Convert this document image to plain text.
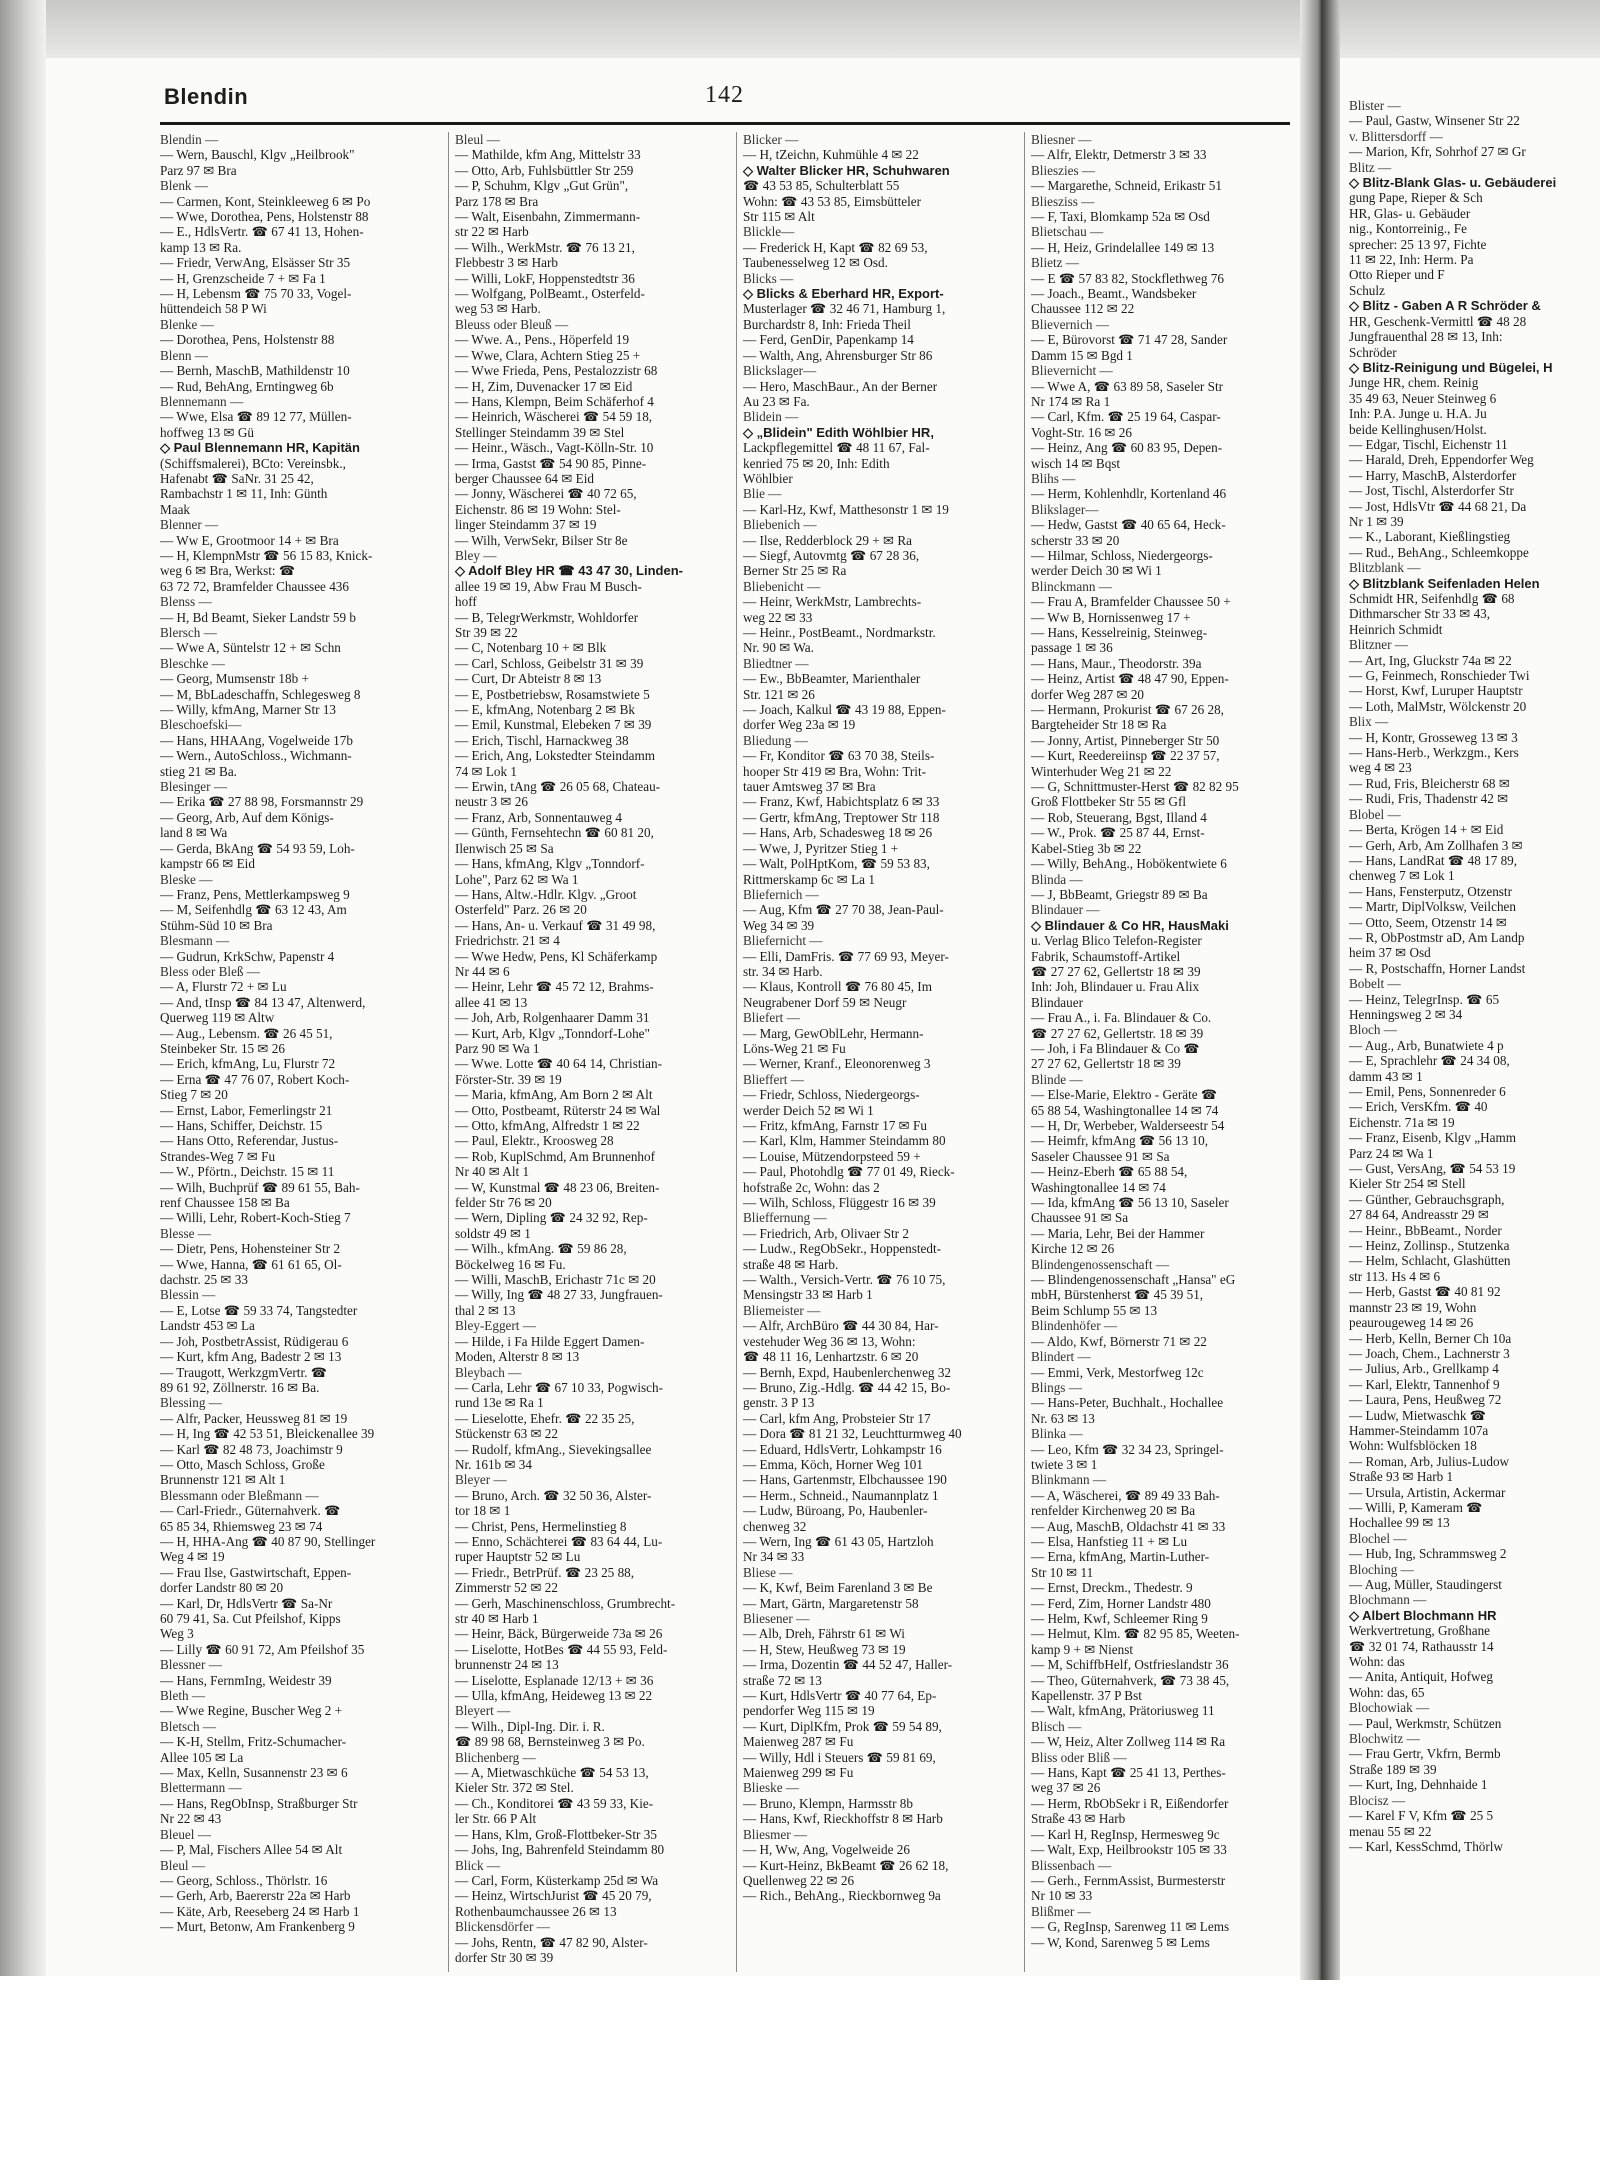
Blendin	142

Blendin —

— Wern, Bauschl, Klgv „Heilbrook"

Parz 97 ✉ Bra

Blenk —

— Carmen, Kont, Steinkleeweg 6 ✉ Po

— Wwe, Dorothea, Pens, Holstenstr 88

— E., HdlsVertr. ☎ 67 41 13, Hohen-

kamp 13 ✉ Ra.

— Friedr, VerwAng, Elsässer Str 35

— H, Grenzscheide 7 + ✉ Fa 1

— H, Lebensm ☎ 75 70 33, Vogel-

hüttendeich 58 P Wi

Blenke —

— Dorothea, Pens, Holstenstr 88

Blenn —

— Bernh, MaschB, Mathildenstr 10

— Rud, BehAng, Erntingweg 6b

Blennemann —

— Wwe, Elsa ☎ 89 12 77, Müllen-

hoffweg 13 ✉ Gü

◇ Paul Blennemann HR, Kapitän

(Schiffsmalerei), BCto: Vereinsbk.,

Hafenabt ☎ SaNr. 31 25 42,

Rambachstr 1 ✉ 11, Inh: Günth

Maak

Blenner —

— Ww E, Grootmoor 14 + ✉ Bra

— H, KlempnMstr ☎ 56 15 83, Knick-

weg 6 ✉ Bra, Werkst: ☎

63 72 72, Bramfelder Chaussee 436

Blenss —

— H, Bd Beamt, Sieker Landstr 59 b

Blersch —

— Wwe A, Süntelstr 12 + ✉ Schn

Bleschke —

— Georg, Mumsenstr 18b +

— M, BbLadeschaffn, Schlegesweg 8

— Willy, kfmAng, Marner Str 13

Bleschoefski—

— Hans, HHAAng, Vogelweide 17b

— Wern., AutoSchloss., Wichmann-

stieg 21 ✉ Ba.

Blesinger —

— Erika ☎ 27 88 98, Forsmannstr 29

— Georg, Arb, Auf dem Königs-

land 8 ✉ Wa

— Gerda, BkAng ☎ 54 93 59, Loh-

kampstr 66 ✉ Eid

Bleske —

— Franz, Pens, Mettlerkampsweg 9

— M, Seifenhdlg ☎ 63 12 43, Am

Stühm-Süd 10 ✉ Bra

Blesmann —

— Gudrun, KrkSchw, Papenstr 4

Bless oder Bleß —

— A, Flurstr 72 + ✉ Lu

— And, tInsp ☎ 84 13 47, Altenwerd,

Querweg 119 ✉ Altw

— Aug., Lebensm. ☎ 26 45 51,

Steinbeker Str. 15 ✉ 26

— Erich, kfmAng, Lu, Flurstr 72

— Erna ☎ 47 76 07, Robert Koch-

Stieg 7 ✉ 20

— Ernst, Labor, Femerlingstr 21

— Hans, Schiffer, Deichstr. 15

— Hans Otto, Referendar, Justus-

Strandes-Weg 7 ✉ Fu

— W., Pförtn., Deichstr. 15 ✉ 11

— Wilh, Buchprüf ☎ 89 61 55, Bah-

renf Chaussee 158 ✉ Ba

— Willi, Lehr, Robert-Koch-Stieg 7

Blesse —

— Dietr, Pens, Hohensteiner Str 2

— Wwe, Hanna, ☎ 61 61 65, Ol-

dachstr. 25 ✉ 33

Blessin —

— E, Lotse ☎ 59 33 74, Tangstedter

Landstr 453 ✉ La

— Joh, PostbetrAssist, Rüdigerau 6

— Kurt, kfm Ang, Badestr 2 ✉ 13

— Traugott, WerkzgmVertr. ☎

89 61 92, Zöllnerstr. 16 ✉ Ba.

Blessing —

— Alfr, Packer, Heussweg 81 ✉ 19

— H, Ing ☎ 42 53 51, Bleickenallee 39

— Karl ☎ 82 48 73, Joachimstr 9

— Otto, Masch Schloss, Große

Brunnenstr 121 ✉ Alt 1

Blessmann oder Bleßmann —

— Carl-Friedr., Güternahverk. ☎

65 85 34, Rhiemsweg 23 ✉ 74

— H, HHA-Ang ☎ 40 87 90, Stellinger

Weg 4 ✉ 19

— Frau Ilse, Gastwirtschaft, Eppen-

dorfer Landstr 80 ✉ 20

— Karl, Dr, HdlsVertr ☎ Sa-Nr

60 79 41, Sa. Cut Pfeilshof, Kipps

Weg 3

— Lilly ☎ 60 91 72, Am Pfeilshof 35

Blessner —

— Hans, FernmIng, Weidestr 39

Bleth —

— Wwe Regine, Buscher Weg 2 +

Bletsch —

— K-H, Stellm, Fritz-Schumacher-

Allee 105 ✉ La

— Max, Kelln, Susannenstr 23 ✉ 6

Blettermann —

— Hans, RegObInsp, Straßburger Str

Nr 22 ✉ 43

Bleuel —

— P, Mal, Fischers Allee 54 ✉ Alt

Bleul —

— Georg, Schloss., Thörlstr. 16

— Gerh, Arb, Baererstr 22a ✉ Harb

— Käte, Arb, Reeseberg 24 ✉ Harb 1

— Murt, Betonw, Am Frankenberg 9

Bleul —

— Mathilde, kfm Ang, Mittelstr 33

— Otto, Arb, Fuhlsbüttler Str 259

— P, Schuhm, Klgv „Gut Grün",

Parz 178 ✉ Bra

— Walt, Eisenbahn, Zimmermann-

str 22 ✉ Harb

— Wilh., WerkMstr. ☎ 76 13 21,

Flebbestr 3 ✉ Harb

— Willi, LokF, Hoppenstedtstr 36

— Wolfgang, PolBeamt., Osterfeld-

weg 53 ✉ Harb.

Bleuss oder Bleuß —

— Wwe. A., Pens., Höperfeld 19

— Wwe, Clara, Achtern Stieg 25 +

— Wwe Frieda, Pens, Pestalozzistr 68

— H, Zim, Duvenacker 17 ✉ Eid

— Hans, Klempn, Beim Schäferhof 4

— Heinrich, Wäscherei ☎ 54 59 18,

Stellinger Steindamm 39 ✉ Stel

— Heinr., Wäsch., Vagt-Kölln-Str. 10

— Irma, Gastst ☎ 54 90 85, Pinne-

berger Chaussee 64 ✉ Eid

— Jonny, Wäscherei ☎ 40 72 65,

Eichenstr. 86 ✉ 19 Wohn: Stel-

linger Steindamm 37 ✉ 19

— Wilh, VerwSekr, Bilser Str 8e

Bley —

◇ Adolf Bley HR ☎ 43 47 30, Linden-

allee 19 ✉ 19, Abw Frau M Busch-

hoff

— B, TelegrWerkmstr, Wohldorfer

Str 39 ✉ 22

— C, Notenbarg 10 + ✉ Blk

— Carl, Schloss, Geibelstr 31 ✉ 39

— Curt, Dr Abteistr 8 ✉ 13

— E, Postbetriebsw, Rosamstwiete 5

— E, kfmAng, Notenbarg 2 ✉ Bk

— Emil, Kunstmal, Elebeken 7 ✉ 39

— Erich, Tischl, Harnackweg 38

— Erich, Ang, Lokstedter Steindamm

74 ✉ Lok 1

— Erwin, tAng ☎ 26 05 68, Chateau-

neustr 3 ✉ 26

— Franz, Arb, Sonnentauweg 4

— Günth, Fernsehtechn ☎ 60 81 20,

Ilenwisch 25 ✉ Sa

— Hans, kfmAng, Klgv „Tonndorf-

Lohe", Parz 62 ✉ Wa 1

— Hans, Altw.-Hdlr. Klgv. „Groot

Osterfeld" Parz. 26 ✉ 20

— Hans, An- u. Verkauf ☎ 31 49 98,

Friedrichstr. 21 ✉ 4

— Wwe Hedw, Pens, Kl Schäferkamp

Nr 44 ✉ 6

— Heinr, Lehr ☎ 45 72 12, Brahms-

allee 41 ✉ 13

— Joh, Arb, Rolgenhaarer Damm 31

— Kurt, Arb, Klgv „Tonndorf-Lohe"

Parz 90 ✉ Wa 1

— Wwe. Lotte ☎ 40 64 14, Christian-

Förster-Str. 39 ✉ 19

— Maria, kfmAng, Am Born 2 ✉ Alt

— Otto, Postbeamt, Rüterstr 24 ✉ Wal

— Otto, kfmAng, Alfredstr 1 ✉ 22

— Paul, Elektr., Kroosweg 28

— Rob, KuplSchmd, Am Brunnenhof

Nr 40 ✉ Alt 1

— W, Kunstmal ☎ 48 23 06, Breiten-

felder Str 76 ✉ 20

— Wern, Dipling ☎ 24 32 92, Rep-

soldstr 49 ✉ 1

— Wilh., kfmAng. ☎ 59 86 28,

Böckelweg 16 ✉ Fu.

— Willi, MaschB, Erichastr 71c ✉ 20

— Willy, Ing ☎ 48 27 33, Jungfrauen-

thal 2 ✉ 13

Bley-Eggert —

— Hilde, i Fa Hilde Eggert Damen-

Moden, Alterstr 8 ✉ 13

Bleybach —

— Carla, Lehr ☎ 67 10 33, Pogwisch-

rund 13e ✉ Ra 1

— Lieselotte, Ehefr. ☎ 22 35 25,

Stückenstr 63 ✉ 22

— Rudolf, kfmAng., Sievekingsallee

Nr. 161b ✉ 34

Bleyer —

— Bruno, Arch. ☎ 32 50 36, Alster-

tor 18 ✉ 1

— Christ, Pens, Hermelinstieg 8

— Enno, Schächterei ☎ 83 64 44, Lu-

ruper Hauptstr 52 ✉ Lu

— Friedr., BetrPrüf. ☎ 23 25 88,

Zimmerstr 52 ✉ 22

— Gerh, Maschinenschloss, Grumbrecht-

str 40 ✉ Harb 1

— Heinr, Bäck, Bürgerweide 73a ✉ 26

— Liselotte, HotBes ☎ 44 55 93, Feld-

brunnenstr 24 ✉ 13

— Liselotte, Esplanade 12/13 + ✉ 36

— Ulla, kfmAng, Heideweg 13 ✉ 22

Bleyert —

— Wilh., Dipl-Ing. Dir. i. R.

☎ 89 98 68, Bernsteinweg 3 ✉ Po.

Blichenberg —

— A, Mietwaschküche ☎ 54 53 13,

Kieler Str. 372 ✉ Stel.

— Ch., Konditorei ☎ 43 59 33, Kie-

ler Str. 66 P Alt

— Hans, Klm, Groß-Flottbeker-Str 35

— Johs, Ing, Bahrenfeld Steindamm 80

Blick —

— Carl, Form, Küsterkamp 25d ✉ Wa

— Heinz, WirtschJurist ☎ 45 20 79,

Rothenbaumchaussee 26 ✉ 13

Blickensdörfer —

— Johs, Rentn, ☎ 47 82 90, Alster-

dorfer Str 30 ✉ 39

Blicker —

— H, tZeichn, Kuhmühle 4 ✉ 22

◇ Walter Blicker HR, Schuhwaren

☎ 43 53 85, Schulterblatt 55

Wohn: ☎ 43 53 85, Eimsbütteler

Str 115 ✉ Alt

Blickle—

— Frederick H, Kapt ☎ 82 69 53,

Taubenesselweg 12 ✉ Osd.

Blicks —

◇ Blicks & Eberhard HR, Export-

Musterlager ☎ 32 46 71, Hamburg 1,

Burchardstr 8, Inh: Frieda Theil

— Ferd, GenDir, Papenkamp 14

— Walth, Ang, Ahrensburger Str 86

Blickslager—

— Hero, MaschBaur., An der Berner

Au 23 ✉ Fa.

Blidein —

◇ „Blidein" Edith Wöhlbier HR,

Lackpflegemittel ☎ 48 11 67, Fal-

kenried 75 ✉ 20, Inh: Edith

Wöhlbier

Blie —

— Karl-Hz, Kwf, Matthesonstr 1 ✉ 19

Bliebenich —

— Ilse, Redderblock 29 + ✉ Ra

— Siegf, Autovmtg ☎ 67 28 36,

Berner Str 25 ✉ Ra

Bliebenicht —

— Heinr, WerkMstr, Lambrechts-

weg 22 ✉ 33

— Heinr., PostBeamt., Nordmarkstr.

Nr. 90 ✉ Wa.

Bliedtner —

— Ew., BbBeamter, Marienthaler

Str. 121 ✉ 26

— Joach, Kalkul ☎ 43 19 88, Eppen-

dorfer Weg 23a ✉ 19

Bliedung —

— Fr, Konditor ☎ 63 70 38, Steils-

hooper Str 419 ✉ Bra, Wohn: Trit-

tauer Amtsweg 37 ✉ Bra

— Franz, Kwf, Habichtsplatz 6 ✉ 33

— Gertr, kfmAng, Treptower Str 118

— Hans, Arb, Schadesweg 18 ✉ 26

— Wwe, J, Pyritzer Stieg 1 +

— Walt, PolHptKom, ☎ 59 53 83,

Rittmerskamp 6c ✉ La 1

Bliefernich —

— Aug, Kfm ☎ 27 70 38, Jean-Paul-

Weg 34 ✉ 39

Bliefernicht —

— Elli, DamFris. ☎ 77 69 93, Meyer-

str. 34 ✉ Harb.

— Klaus, Kontroll ☎ 76 80 45, Im

Neugrabener Dorf 59 ✉ Neugr

Bliefert —

— Marg, GewOblLehr, Hermann-

Löns-Weg 21 ✉ Fu

— Werner, Kranf., Eleonorenweg 3

Blieffert —

— Friedr, Schloss, Niedergeorgs-

werder Deich 52 ✉ Wi 1

— Fritz, kfmAng, Farnstr 17 ✉ Fu

— Karl, Klm, Hammer Steindamm 80

— Louise, Mützendorpsteed 59 +

— Paul, Photohdlg ☎ 77 01 49, Rieck-

hofstraße 2c, Wohn: das 2

— Wilh, Schloss, Flüggestr 16 ✉ 39

Blieffernung —

— Friedrich, Arb, Olivaer Str 2

— Ludw., RegObSekr., Hoppenstedt-

straße 48 ✉ Harb.

— Walth., Versich-Vertr. ☎ 76 10 75,

Mensingstr 33 ✉ Harb 1

Bliemeister —

— Alfr, ArchBüro ☎ 44 30 84, Har-

vestehuder Weg 36 ✉ 13, Wohn:

☎ 48 11 16, Lenhartzstr. 6 ✉ 20

— Bernh, Expd, Haubenlerchenweg 32

— Bruno, Zig.-Hdlg. ☎ 44 42 15, Bo-

genstr. 3 P 13

— Carl, kfm Ang, Probsteier Str 17

— Dora ☎ 81 21 32, Leuchtturmweg 40

— Eduard, HdlsVertr, Lohkampstr 16

— Emma, Köch, Horner Weg 101

— Hans, Gartenmstr, Elbchaussee 190

— Herm., Schneid., Naumannplatz 1

— Ludw, Büroang, Po, Haubenler-

chenweg 32

— Wern, Ing ☎ 61 43 05, Hartzloh

Nr 34 ✉ 33

Bliese —

— K, Kwf, Beim Farenland 3 ✉ Be

— Mart, Gärtn, Margaretenstr 58

Bliesener —

— Alb, Dreh, Fährstr 61 ✉ Wi

— H, Stew, Heußweg 73 ✉ 19

— Irma, Dozentin ☎ 44 52 47, Haller-

straße 72 ✉ 13

— Kurt, HdlsVertr ☎ 40 77 64, Ep-

pendorfer Weg 115 ✉ 19

— Kurt, DiplKfm, Prok ☎ 59 54 89,

Maienweg 287 ✉ Fu

— Willy, Hdl i Steuers ☎ 59 81 69,

Maienweg 299 ✉ Fu

Blieske —

— Bruno, Klempn, Harmsstr 8b

— Hans, Kwf, Rieckhoffstr 8 ✉ Harb

Bliesmer —

— H, Ww, Ang, Vogelweide 26

— Kurt-Heinz, BkBeamt ☎ 26 62 18,

Quellenweg 22 ✉ 26

— Rich., BehAng., Rieckbornweg 9a

Bliesner —

— Alfr, Elektr, Detmerstr 3 ✉ 33

Blieszies —

— Margarethe, Schneid, Erikastr 51

Bliesziss —

— F, Taxi, Blomkamp 52a ✉ Osd

Blietschau —

— H, Heiz, Grindelallee 149 ✉ 13

Blietz —

— E ☎ 57 83 82, Stockflethweg 76

— Joach., Beamt., Wandsbeker

Chaussee 112 ✉ 22

Blievernich —

— E, Bürovorst ☎ 71 47 28, Sander

Damm 15 ✉ Bgd 1

Blievernicht —

— Wwe A, ☎ 63 89 58, Saseler Str

Nr 174 ✉ Ra 1

— Carl, Kfm. ☎ 25 19 64, Caspar-

Voght-Str. 16 ✉ 26

— Heinz, Ang ☎ 60 83 95, Depen-

wisch 14 ✉ Bqst

Blihs —

— Herm, Kohlenhdlr, Kortenland 46

Blikslager—

— Hedw, Gastst ☎ 40 65 64, Heck-

scherstr 33 ✉ 20

— Hilmar, Schloss, Niedergeorgs-

werder Deich 30 ✉ Wi 1

Blinckmann —

— Frau A, Bramfelder Chaussee 50 +

— Ww B, Hornissenweg 17 +

— Hans, Kesselreinig, Steinweg-

passage 1 ✉ 36

— Hans, Maur., Theodorstr. 39a

— Heinz, Artist ☎ 48 47 90, Eppen-

dorfer Weg 287 ✉ 20

— Hermann, Prokurist ☎ 67 26 28,

Bargteheider Str 18 ✉ Ra

— Jonny, Artist, Pinneberger Str 50

— Kurt, Reedereiinsp ☎ 22 37 57,

Winterhuder Weg 21 ✉ 22

— G, Schnittmuster-Herst ☎ 82 82 95

Groß Flottbeker Str 55 ✉ Gfl

— Rob, Steuerang, Bgst, Illand 4

— W., Prok. ☎ 25 87 44, Ernst-

Kabel-Stieg 3b ✉ 22

— Willy, BehAng., Hobökentwiete 6

Blinda —

— J, BbBeamt, Griegstr 89 ✉ Ba

Blindauer —

◇ Blindauer & Co HR, HausMaki

u. Verlag Blico Telefon-Register

Fabrik, Schaumstoff-Artikel

☎ 27 27 62, Gellertstr 18 ✉ 39

Inh: Joh, Blindauer u. Frau Alix

Blindauer

— Frau A., i. Fa. Blindauer & Co.

☎ 27 27 62, Gellertstr. 18 ✉ 39

— Joh, i Fa Blindauer & Co ☎

27 27 62, Gellertstr 18 ✉ 39

Blinde —

— Else-Marie, Elektro - Geräte ☎

65 88 54, Washingtonallee 14 ✉ 74

— H, Dr, Werbeber, Walderseestr 54

— Heimfr, kfmAng ☎ 56 13 10,

Saseler Chaussee 91 ✉ Sa

— Heinz-Eberh ☎ 65 88 54,

Washingtonallee 14 ✉ 74

— Ida, kfmAng ☎ 56 13 10, Saseler

Chaussee 91 ✉ Sa

— Maria, Lehr, Bei der Hammer

Kirche 12 ✉ 26

Blindengenossenschaft —

— Blindengenossenschaft „Hansa" eG

mbH, Bürstenherst ☎ 45 39 51,

Beim Schlump 55 ✉ 13

Blindenhöfer —

— Aldo, Kwf, Börnerstr 71 ✉ 22

Blindert —

— Emmi, Verk, Mestorfweg 12c

Blings —

— Hans-Peter, Buchhalt., Hochallee

Nr. 63 ✉ 13

Blinka —

— Leo, Kfm ☎ 32 34 23, Springel-

twiete 3 ✉ 1

Blinkmann —

— A, Wäscherei, ☎ 89 49 33 Bah-

renfelder Kirchenweg 20 ✉ Ba

— Aug, MaschB, Oldachstr 41 ✉ 33

— Elsa, Hanfstieg 11 + ✉ Lu

— Erna, kfmAng, Martin-Luther-

Str 10 ✉ 11

— Ernst, Dreckm., Thedestr. 9

— Ferd, Zim, Horner Landstr 480

— Helm, Kwf, Schleemer Ring 9

— Helmut, Klm. ☎ 82 95 85, Weeten-

kamp 9 + ✉ Nienst

— M, SchiffbHelf, Ostfrieslandstr 36

— Theo, Güternahverk, ☎ 73 38 45,

Kapellenstr. 37 P Bst

— Walt, kfmAng, Prätoriusweg 11

Blisch —

— W, Heiz, Alter Zollweg 114 ✉ Ra

Bliss oder Bliß —

— Hans, Kapt ☎ 25 41 13, Perthes-

weg 37 ✉ 26

— Herm, RbObSekr i R, Eißendorfer

Straße 43 ✉ Harb

— Karl H, RegInsp, Hermesweg 9c

— Walt, Exp, Heilbrookstr 105 ✉ 33

Blissenbach —

— Gerh., FernmAssist, Burmesterstr

Nr 10 ✉ 33

Blißmer —

— G, RegInsp, Sarenweg 11 ✉ Lems

— W, Kond, Sarenweg 5 ✉ Lems

Blister —

— Paul, Gastw, Winsener Str 22

v. Blittersdorff —

— Marion, Kfr, Sohrhof 27 ✉ Gr

Blitz —

◇ Blitz-Blank Glas- u. Gebäuderei

gung Pape, Rieper & Sch

HR, Glas- u. Gebäuder

nig., Kontorreinig., Fe

sprecher: 25 13 97, Fichte

11 ✉ 22, Inh: Herm. Pa

Otto Rieper und F

Schulz

◇ Blitz - Gaben A R Schröder &

HR, Geschenk-Vermittl ☎ 48 28

Jungfrauenthal 28 ✉ 13, Inh:

Schröder

◇ Blitz-Reinigung und Bügelei, H

Junge HR, chem. Reinig

35 49 63, Neuer Steinweg 6

Inh: P.A. Junge u. H.A. Ju

beide Kellinghusen/Holst.

— Edgar, Tischl, Eichenstr 11

— Harald, Dreh, Eppendorfer Weg

— Harry, MaschB, Alsterdorfer

— Jost, Tischl, Alsterdorfer Str

— Jost, HdlsVtr ☎ 44 68 21, Da

Nr 1 ✉ 39

— K., Laborant, Kießlingstieg

— Rud., BehAng., Schleemkoppe

Blitzblank —

◇ Blitzblank Seifenladen Helen

Schmidt HR, Seifenhdlg ☎ 68

Dithmarscher Str 33 ✉ 43,

Heinrich Schmidt

Blitzner —

— Art, Ing, Gluckstr 74a ✉ 22

— G, Feinmech, Ronschieder Twi

— Horst, Kwf, Luruper Hauptstr

— Loth, MalMstr, Wölckenstr 20

Blix —

— H, Kontr, Grosseweg 13 ✉ 3

— Hans-Herb., Werkzgm., Kers

weg 4 ✉ 23

— Rud, Fris, Bleicherstr 68 ✉

— Rudi, Fris, Thadenstr 42 ✉

Blobel —

— Berta, Krögen 14 + ✉ Eid

— Gerh, Arb, Am Zollhafen 3 ✉

— Hans, LandRat ☎ 48 17 89,

chenweg 7 ✉ Lok 1

— Hans, Fensterputz, Otzenstr

— Martr, DiplVolksw, Veilchen

— Otto, Seem, Otzenstr 14 ✉

— R, ObPostmstr aD, Am Landp

heim 37 ✉ Osd

— R, Postschaffn, Horner Landst

Bobelt —

— Heinz, TelegrInsp. ☎ 65

Henningsweg 2 ✉ 34

Bloch —

— Aug., Arb, Bunatwiete 4 p

— E, Sprachlehr ☎ 24 34 08,

damm 43 ✉ 1

— Emil, Pens, Sonnenreder 6

— Erich, VersKfm. ☎ 40

Eichenstr. 71a ✉ 19

— Franz, Eisenb, Klgv „Hamm

Parz 24 ✉ Wa 1

— Gust, VersAng, ☎ 54 53 19

Kieler Str 254 ✉ Stell

— Günther, Gebrauchsgraph,

27 84 64, Andreasstr 29 ✉

— Heinr., BbBeamt., Norder

— Heinz, Zollinsp., Stutzenka

— Helm, Schlacht, Glashütten

str 113. Hs 4 ✉ 6

— Herb, Gastst ☎ 40 81 92

mannstr 23 ✉ 19, Wohn

peaurougeweg 14 ✉ 26

— Herb, Kelln, Berner Ch 10a

— Joach, Chem., Lachnerstr 3

— Julius, Arb., Grellkamp 4

— Karl, Elektr, Tannenhof 9

— Laura, Pens, Heußweg 72

— Ludw, Mietwaschk ☎

Hammer-Steindamm 107a

Wohn: Wulfsblöcken 18

— Roman, Arb, Julius-Ludow

Straße 93 ✉ Harb 1

— Ursula, Artistin, Ackermar

— Willi, P, Kameram ☎

Hochallee 99 ✉ 13

Blochel —

— Hub, Ing, Schrammsweg 2

Bloching —

— Aug, Müller, Staudingerst

Blochmann —

◇ Albert Blochmann HR

Werkvertretung, Großhane

☎ 32 01 74, Rathausstr 14

Wohn: das

— Anita, Antiquit, Hofweg

Wohn: das, 65

Blochowiak —

— Paul, Werkmstr, Schützen

Blochwitz —

— Frau Gertr, Vkfrn, Bermb

Straße 189 ✉ 39

— Kurt, Ing, Dehnhaide 1

Blocisz —

— Karel F V, Kfm ☎ 25 5

menau 55 ✉ 22

— Karl, KessSchmd, Thörlw
